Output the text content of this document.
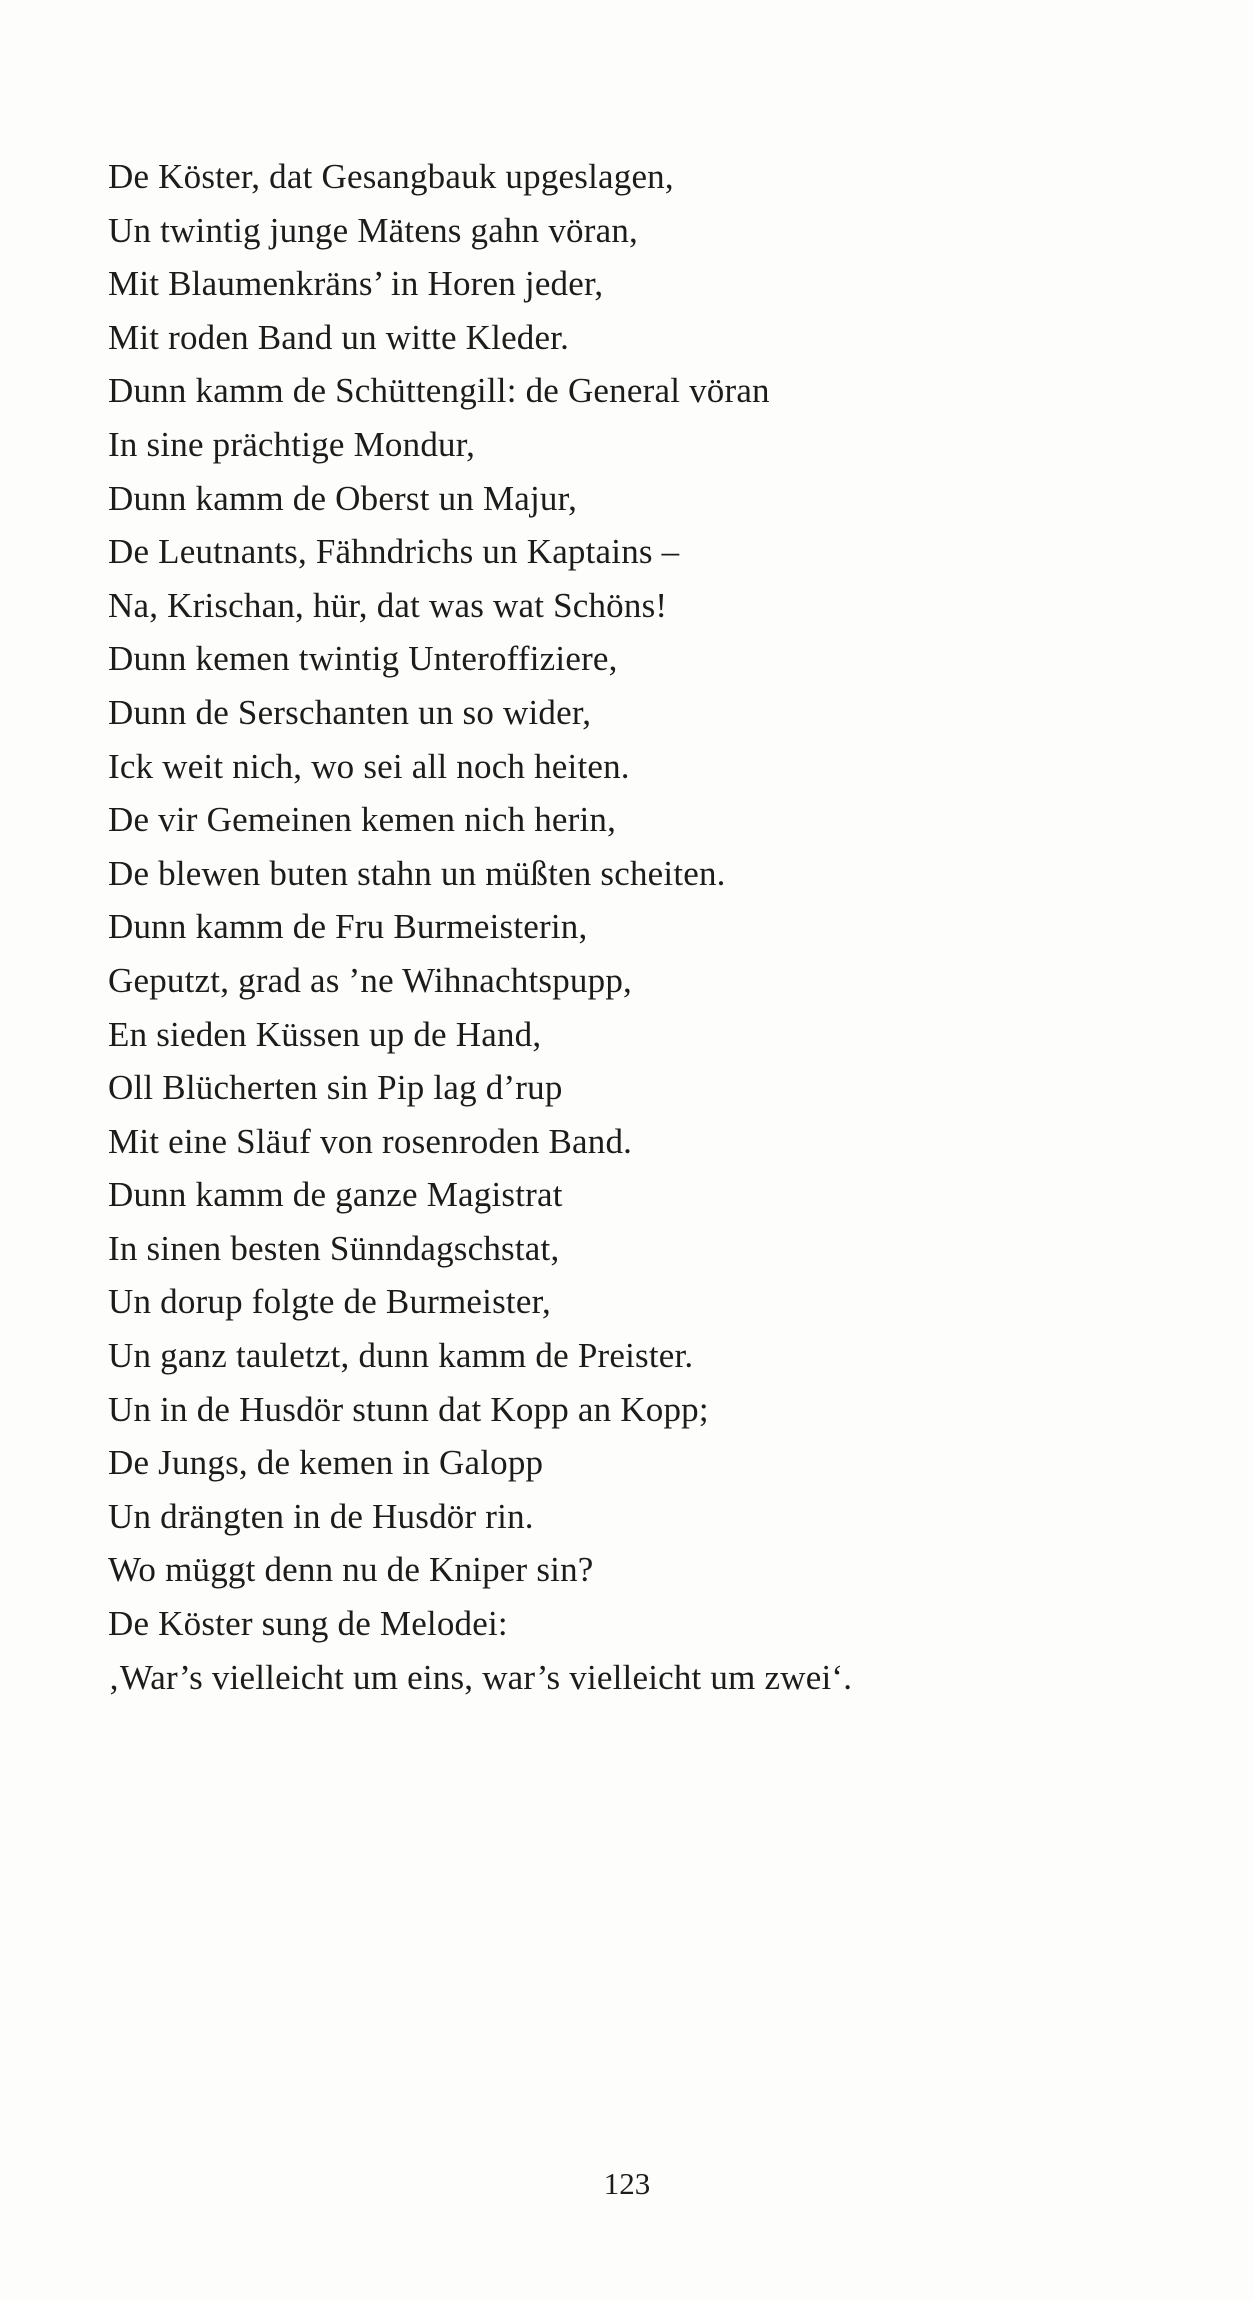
De Köster, dat Gesangbauk upgeslagen,
Un twintig junge Mätens gahn vöran,
Mit Blaumenkräns’ in Horen jeder,
Mit roden Band un witte Kleder.
Dunn kamm de Schüttengill: de General vöran
In sine prächtige Mondur,
Dunn kamm de Oberst un Majur,
De Leutnants, Fähndrichs un Kaptains –
Na, Krischan, hür, dat was wat Schöns!
Dunn kemen twintig Unteroffiziere,
Dunn de Serschanten un so wider,
Ick weit nich, wo sei all noch heiten.
De vir Gemeinen kemen nich herin,
De blewen buten stahn un müßten scheiten.
Dunn kamm de Fru Burmeisterin,
Geputzt, grad as ’ne Wihnachtspupp,
En sieden Küssen up de Hand,
Oll Blücherten sin Pip lag d’rup
Mit eine Släuf von rosenroden Band.
Dunn kamm de ganze Magistrat
In sinen besten Sünndagschstat,
Un dorup folgte de Burmeister,
Un ganz tauletzt, dunn kamm de Preister.
Un in de Husdör stunn dat Kopp an Kopp;
De Jungs, de kemen in Galopp
Un drängten in de Husdör rin.
Wo müggt denn nu de Kniper sin?
De Köster sung de Melodei:
‚War’s vielleicht um eins, war’s vielleicht um zwei‘.
123
